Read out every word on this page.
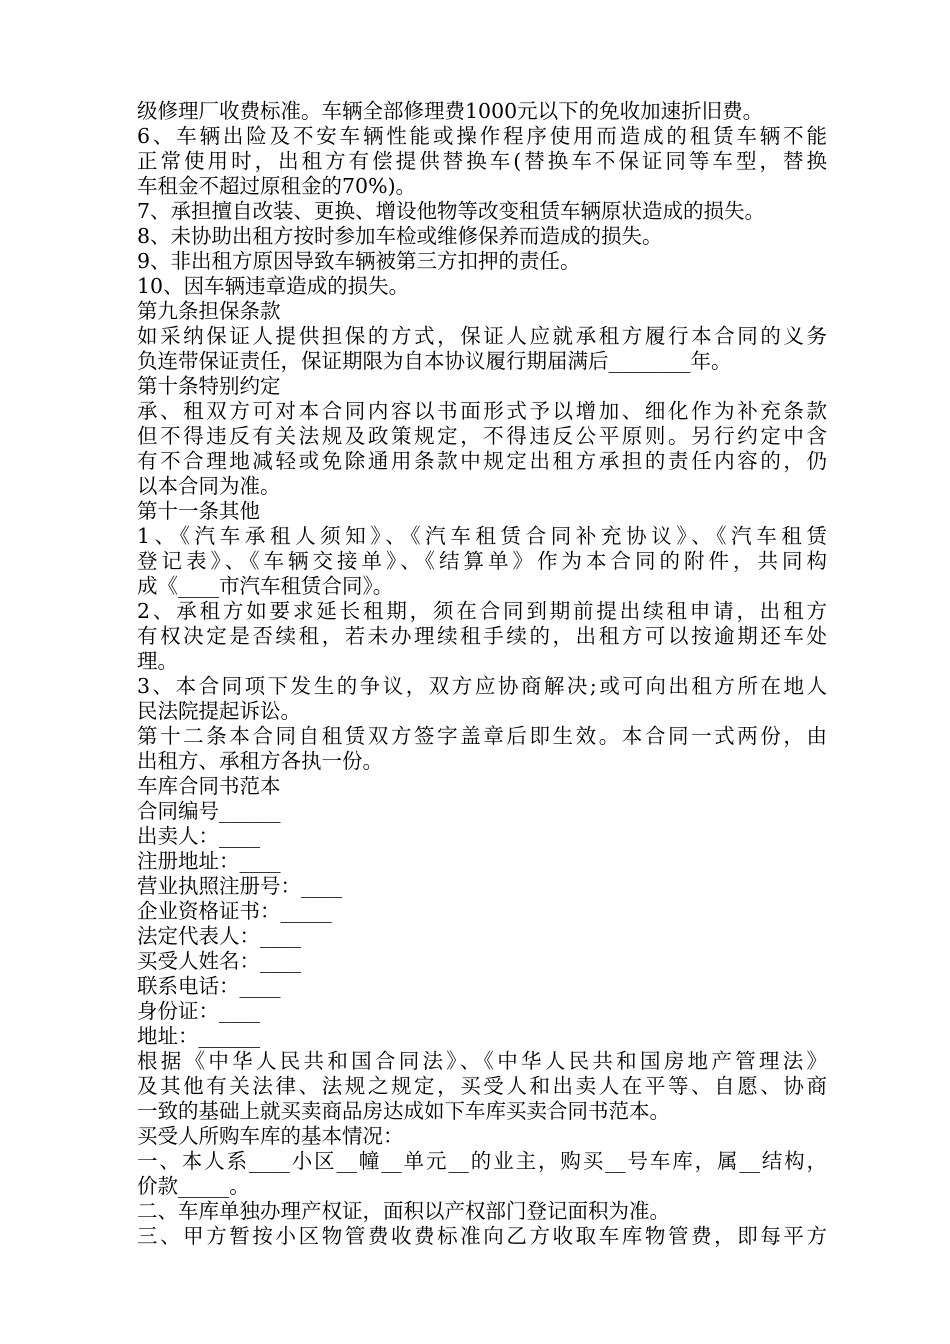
级修理厂收费标准。车辆全部修理费1000元以下的免收加速折旧费。
6、车辆出险及不安车辆性能或操作程序使用而造成的租赁车辆不能
正常使用时，出租方有偿提供替换车(替换车不保证同等车型，替换
车租金不超过原租金的70%)。
7、承担擅自改装、更换、增设他物等改变租赁车辆原状造成的损失。
8、未协助出租方按时参加车检或维修保养而造成的损失。
9、非出租方原因导致车辆被第三方扣押的责任。
10、因车辆违章造成的损失。
第九条担保条款
如采纳保证人提供担保的方式，保证人应就承租方履行本合同的义务
负连带保证责任，保证期限为自本协议履行期届满后________年。
第十条特别约定
承、租双方可对本合同内容以书面形式予以增加、细化作为补充条款
但不得违反有关法规及政策规定，不得违反公平原则。另行约定中含
有不合理地减轻或免除通用条款中规定出租方承担的责任内容的，仍
以本合同为准。
第十一条其他
1、《汽车承租人须知》、《汽车租赁合同补充协议》、《汽车租赁
登记表》、《车辆交接单》、《结算单》作为本合同的附件，共同构
成《____市汽车租赁合同》。
2、承租方如要求延长租期，须在合同到期前提出续租申请，出租方
有权决定是否续租，若未办理续租手续的，出租方可以按逾期还车处
理。
3、本合同项下发生的争议，双方应协商解决;或可向出租方所在地人
民法院提起诉讼。
第十二条本合同自租赁双方签字盖章后即生效。本合同一式两份，由
出租方、承租方各执一份。
车库合同书范本
合同编号______
出卖人：____
注册地址：____
营业执照注册号：____
企业资格证书：_____
法定代表人：____
买受人姓名：____
联系电话：____
身份证：____
地址：______
根据《中华人民共和国合同法》、《中华人民共和国房地产管理法》
及其他有关法律、法规之规定，买受人和出卖人在平等、自愿、协商
一致的基础上就买卖商品房达成如下车库买卖合同书范本。
买受人所购车库的基本情况：
一、本人系____小区__幢__单元__的业主，购买__号车库，属__结构，
价款_____。
二、车库单独办理产权证，面积以产权部门登记面积为准。
三、甲方暂按小区物管费收费标准向乙方收取车库物管费，即每平方
